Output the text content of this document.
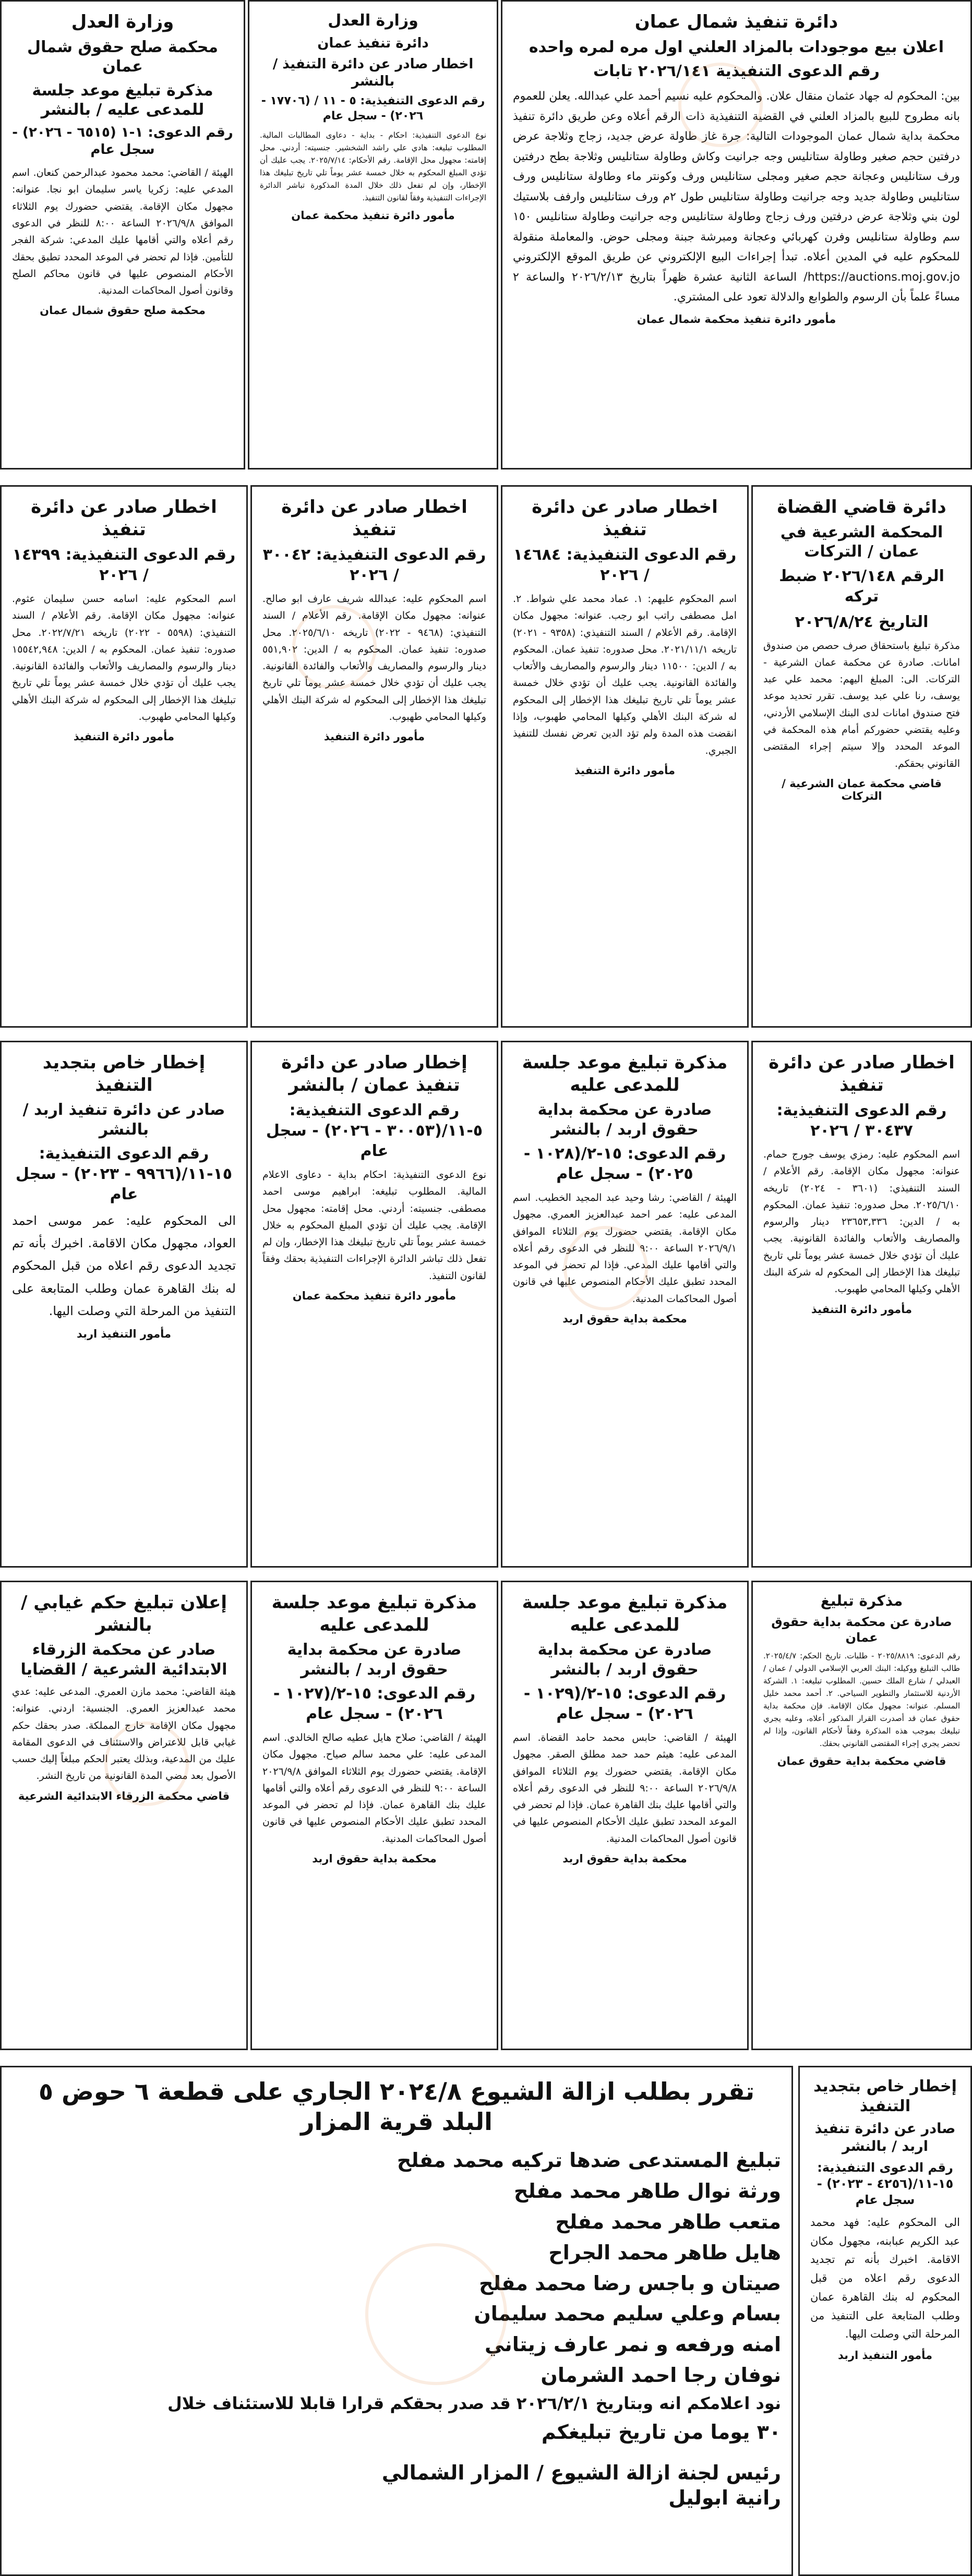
دائرة تنفيذ شمال عمان
اعلان بيع موجودات بالمزاد العلني اول مره لمره واحده
رقم الدعوى التنفيذية ٢٠٢٦/١٤١ تابات

بين: المحكوم له جهاد عثمان منقال علان. والمحكوم عليه نسيم أحمد علي عبدالله. يعلن للعموم بانه مطروح للبيع بالمزاد العلني في القضية التنفيذية ذات الرقم أعلاه وعن طريق دائرة تنفيذ محكمة بداية شمال عمان الموجودات التالية: جرة غاز طاولة عرض جديد، زجاج وثلاجة عرض درفتين حجم صغير وطاولة ستانليس وجه جرانيت وكاش وطاولة ستانليس وثلاجة بطح درفتين ورف ستانليس وعجانة حجم صغير ومجلى ستانليس ورف وكونتر ماء وطاولة ستانليس ورف ستانليس وطاولة جديد وجه جرانيت وطاولة ستانليس طول ٢م ورف ستانليس وارفف بلاستيك لون بني وثلاجة عرض درفتين ورف زجاج وطاولة ستانليس وجه جرانيت وطاولة ستانليس ١٥٠ سم وطاولة ستانليس وفرن كهربائي وعجانة ومبرشة جبنة ومجلى حوض. والمعاملة منقولة للمحكوم عليه في المدين أعلاه. تبدأ إجراءات البيع الإلكتروني عن طريق الموقع الإلكتروني https://auctions.moj.gov.jo/ الساعة الثانية عشرة ظهراً بتاريخ ٢٠٢٦/٢/١٣ والساعة ٢ مساءً علماً بأن الرسوم والطوابع والدلالة تعود على المشتري.

مأمور دائرة تنفيذ محكمة شمال عمان
وزارة العدل
دائرة تنفيذ عمان
اخطار صادر عن دائرة التنفيذ / بالنشر
رقم الدعوى التنفيذية: ٥ - ١١ / (١٧٧٠٦ - ٢٠٢٦) - سجل عام

نوع الدعوى التنفيذية: احكام - بداية - دعاوى المطالبات المالية. المطلوب تبليغه: هادي علي راشد الشخشير. جنسيته: أردني. محل إقامته: مجهول محل الإقامة. رقم الأحكام: ٢٠٢٥/٧/١٤. يجب عليك أن تؤدي المبلغ المحكوم به خلال خمسة عشر يوماً تلي تاريخ تبليغك هذا الإخطار، وإن لم تفعل ذلك خلال المدة المذكورة تباشر الدائرة الإجراءات التنفيذية وفقاً لقانون التنفيذ.

مأمور دائرة تنفيذ محكمة عمان
وزارة العدل
محكمة صلح حقوق شمال عمان
مذكرة تبليغ موعد جلسة للمدعى عليه / بالنشر
رقم الدعوى: ١-١ (٦٥١٥ - ٢٠٢٦) - سجل عام

الهيئة / القاضي: محمد محمود عبدالرحمن كنعان. اسم المدعي عليه: زكريا ياسر سليمان ابو نجا. عنوانه: مجهول مكان الإقامة. يقتضي حضورك يوم الثلاثاء الموافق ٢٠٢٦/٩/٨ الساعة ٨:٠٠ للنظر في الدعوى رقم أعلاه والتي أقامها عليك المدعي: شركة الفجر للتأمين. فإذا لم تحضر في الموعد المحدد تطبق بحقك الأحكام المنصوص عليها في قانون محاكم الصلح وقانون أصول المحاكمات المدنية.

محكمة صلح حقوق شمال عمان
دائرة قاضي القضاة
المحكمة الشرعية في عمان / التركات
الرقم ٢٠٢٦/١٤٨ ضبط تركه
التاريخ ٢٠٢٦/٨/٢٤

مذكرة تبليغ باستحقاق صرف حصص من صندوق امانات. صادرة عن محكمة عمان الشرعية - التركات. الى: المبلغ اليهم: محمد علي عبد يوسف، رنا علي عبد يوسف. تقرر تحديد موعد فتح صندوق امانات لدى البنك الإسلامي الأردني، وعليه يقتضي حضوركم أمام هذه المحكمة في الموعد المحدد وإلا سيتم إجراء المقتضى القانوني بحقكم.

قاضي محكمة عمان الشرعية / التركات
اخطار صادر عن دائرة تنفيذ
رقم الدعوى التنفيذية: ١٤٦٨٤ / ٢٠٢٦

اسم المحكوم عليهم: ١. عماد محمد علي شواط. ٢. امل مصطفى راتب ابو رجب. عنوانه: مجهول مكان الإقامة. رقم الأعلام / السند التنفيذي: (٩٣٥٨ - ٢٠٢١) تاريخه ٢٠٢١/١١/١. محل صدوره: تنفيذ عمان. المحكوم به / الدين: ١١٥٠٠ دينار والرسوم والمصاريف والأتعاب والفائدة القانونية. يجب عليك أن تؤدي خلال خمسة عشر يوماً تلي تاريخ تبليغك هذا الإخطار إلى المحكوم له شركة البنك الأهلي وكيلها المحامي طهبوب، وإذا انقضت هذه المدة ولم تؤد الدين تعرض نفسك للتنفيذ الجبري.

مأمور دائرة التنفيذ
اخطار صادر عن دائرة تنفيذ
رقم الدعوى التنفيذية: ٣٠٠٤٢ / ٢٠٢٦

اسم المحكوم عليه: عبدالله شريف عارف ابو صالح. عنوانه: مجهول مكان الإقامة. رقم الأعلام / السند التنفيذي: (٩٤٦٨ - ٢٠٢٢) تاريخه ٢٠٢٥/٦/١٠. محل صدوره: تنفيذ عمان. المحكوم به / الدين: ٥٥١,٩٠٢ دينار والرسوم والمصاريف والأتعاب والفائدة القانونية. يجب عليك أن تؤدي خلال خمسة عشر يوماً تلي تاريخ تبليغك هذا الإخطار إلى المحكوم له شركة البنك الأهلي وكيلها المحامي طهبوب.

مأمور دائرة التنفيذ
اخطار صادر عن دائرة تنفيذ
رقم الدعوى التنفيذية: ١٤٣٩٩ / ٢٠٢٦

اسم المحكوم عليه: اسامه حسن سليمان عثوم. عنوانه: مجهول مكان الإقامة. رقم الأعلام / السند التنفيذي: (٥٥٩٨ - ٢٠٢٢) تاريخه ٢٠٢٢/٧/٢١. محل صدوره: تنفيذ عمان. المحكوم به / الدين: ١٥٥٤٢,٩٤٨ دينار والرسوم والمصاريف والأتعاب والفائدة القانونية. يجب عليك أن تؤدي خلال خمسة عشر يوماً تلي تاريخ تبليغك هذا الإخطار إلى المحكوم له شركة البنك الأهلي وكيلها المحامي طهبوب.

مأمور دائرة التنفيذ
اخطار صادر عن دائرة تنفيذ
رقم الدعوى التنفيذية: ٣٠٤٣٧ / ٢٠٢٦

اسم المحكوم عليه: رمزي يوسف جورج حمام. عنوانه: مجهول مكان الإقامة. رقم الأعلام / السند التنفيذي: (٣٦٠١ - ٢٠٢٤) تاريخه ٢٠٢٥/٦/١٠. محل صدوره: تنفيذ عمان. المحكوم به / الدين: ٢٣٦٥٣,٣٣٦ دينار والرسوم والمصاريف والأتعاب والفائدة القانونية. يجب عليك أن تؤدي خلال خمسة عشر يوماً تلي تاريخ تبليغك هذا الإخطار إلى المحكوم له شركة البنك الأهلي وكيلها المحامي طهبوب.

مأمور دائرة التنفيذ
مذكرة تبليغ موعد جلسة للمدعى عليه
صادرة عن محكمة بداية حقوق اربد / بالنشر
رقم الدعوى: ١٥-٢/(١٠٢٨ - ٢٠٢٥) - سجل عام

الهيئة / القاضي: رشا وحيد عبد المجيد الخطيب. اسم المدعى عليه: عمر احمد عبدالعزيز العمري. مجهول مكان الإقامة. يقتضي حضورك يوم الثلاثاء الموافق ٢٠٢٦/٩/١ الساعة ٩:٠٠ للنظر في الدعوى رقم أعلاه والتي أقامها عليك المدعي. فإذا لم تحضر في الموعد المحدد تطبق عليك الأحكام المنصوص عليها في قانون أصول المحاكمات المدنية.

محكمة بداية حقوق اربد
إخطار صادر عن دائرة تنفيذ عمان / بالنشر
رقم الدعوى التنفيذية: ٥-١١/(٣٠٠٥٣ - ٢٠٢٦) - سجل عام

نوع الدعوى التنفيذية: احكام بداية - دعاوى الاعلام المالية. المطلوب تبليغه: ابراهيم موسى احمد مصطفى. جنسيته: أردني. محل إقامته: مجهول محل الإقامة. يجب عليك أن تؤدي المبلغ المحكوم به خلال خمسة عشر يوماً تلي تاريخ تبليغك هذا الإخطار، وإن لم تفعل ذلك تباشر الدائرة الإجراءات التنفيذية بحقك وفقاً لقانون التنفيذ.

مأمور دائرة تنفيذ محكمة عمان
إخطار خاص بتجديد التنفيذ
صادر عن دائرة تنفيذ اربد / بالنشر
رقم الدعوى التنفيذية: ١٥-١١/(٩٩٦٦ - ٢٠٢٣) - سجل عام

الى المحكوم عليه: عمر موسى احمد العواد، مجهول مكان الاقامة. اخبرك بأنه تم تجديد الدعوى رقم اعلاه من قبل المحكوم له بنك القاهرة عمان وطلب المتابعة على التنفيذ من المرحلة التي وصلت اليها.

مأمور التنفيذ اربد
مذكرة تبليغ
صادرة عن محكمة بداية حقوق عمان

رقم الدعوى: ٢٠٢٥/٨٨١٩ - طلبات. تاريخ الحكم: ٢٠٢٥/٤/٧. طالب التبليغ ووكيله: البنك العربي الإسلامي الدولي / عمان / العبدلي / شارع الملك حسين. المطلوب تبليغه: ١. الشركة الأردنية للاستثمار والتطوير السياحي. ٢. أحمد محمد خليل المسلم. عنوانه: مجهول مكان الإقامة. فإن محكمة بداية حقوق عمان قد أصدرت القرار المذكور أعلاه، وعليه يجري تبليغك بموجب هذه المذكرة وفقاً لأحكام القانون، وإذا لم تحضر يجري إجراء المقتضى القانوني بحقك.

قاضي محكمة بداية حقوق عمان
مذكرة تبليغ موعد جلسة للمدعى عليه
صادرة عن محكمة بداية حقوق اربد / بالنشر
رقم الدعوى: ١٥-٢/(١٠٢٩ - ٢٠٢٦) - سجل عام

الهيئة / القاضي: حابس محمد حامد القضاة. اسم المدعى عليه: هيثم حمد حمد مطلق الصقر. مجهول مكان الإقامة. يقتضي حضورك يوم الثلاثاء الموافق ٢٠٢٦/٩/٨ الساعة ٩:٠٠ للنظر في الدعوى رقم أعلاه والتي أقامها عليك بنك القاهرة عمان. فإذا لم تحضر في الموعد المحدد تطبق عليك الأحكام المنصوص عليها في قانون أصول المحاكمات المدنية.

محكمة بداية حقوق اربد
مذكرة تبليغ موعد جلسة للمدعى عليه
صادرة عن محكمة بداية حقوق اربد / بالنشر
رقم الدعوى: ١٥-٢/(١٠٢٧ - ٢٠٢٦) - سجل عام

الهيئة / القاضي: صلاح هايل عطيه صالح الخالدي. اسم المدعى عليه: علي محمد سالم صياح. مجهول مكان الإقامة. يقتضي حضورك يوم الثلاثاء الموافق ٢٠٢٦/٩/٨ الساعة ٩:٠٠ للنظر في الدعوى رقم أعلاه والتي أقامها عليك بنك القاهرة عمان. فإذا لم تحضر في الموعد المحدد تطبق عليك الأحكام المنصوص عليها في قانون أصول المحاكمات المدنية.

محكمة بداية حقوق اربد
إعلان تبليغ حكم غيابي / بالنشر
صادر عن محكمة الزرقاء الابتدائية الشرعية / القضايا

هيئة القاضي: محمد مازن العمري. المدعى عليه: عدي محمد عبدالعزيز العمري. الجنسية: اردني. عنوانه: مجهول مكان الإقامة خارج المملكة. صدر بحقك حكم غيابي قابل للاعتراض والاستئناف في الدعوى المقامة عليك من المدعية، وبذلك يعتبر الحكم مبلغاً إليك حسب الأصول بعد مضي المدة القانونية من تاريخ النشر.

قاضي محكمة الزرقاء الابتدائية الشرعية
إخطار خاص بتجديد التنفيذ
صادر عن دائرة تنفيذ اربد / بالنشر
رقم الدعوى التنفيذية: ١٥-١١/(٤٢٥٦ - ٢٠٢٣) - سجل عام

الى المحكوم عليه: فهد محمد عبد الكريم عبابنه، مجهول مكان الاقامة. اخبرك بأنه تم تجديد الدعوى رقم اعلاه من قبل المحكوم له بنك القاهرة عمان وطلب المتابعة على التنفيذ من المرحلة التي وصلت اليها.

مأمور التنفيذ اربد
تقرر بطلب ازالة الشيوع ٢٠٢٤/٨ الجاري على قطعة ٦ حوض ٥ البلد قرية المزار
تبليغ المستدعى ضدها تركيه محمد مفلح
ورثة نوال طاهر محمد مفلح
متعب طاهر محمد مفلح
هايل طاهر محمد الجراح
صيتان و باجس رضا محمد مفلح
بسام وعلي سليم محمد سليمان
امنه ورفعه و نمر عارف زيتاني
نوفان رجا احمد الشرمان
نود اعلامكم انه وبتاريخ ٢٠٢٦/٢/١ قد صدر بحقكم قرارا قابلا للاستئناف خلال
٣٠ يوما من تاريخ تبليغكم
رئيس لجنة ازالة الشيوع / المزار الشمالي
رانية ابوليل
